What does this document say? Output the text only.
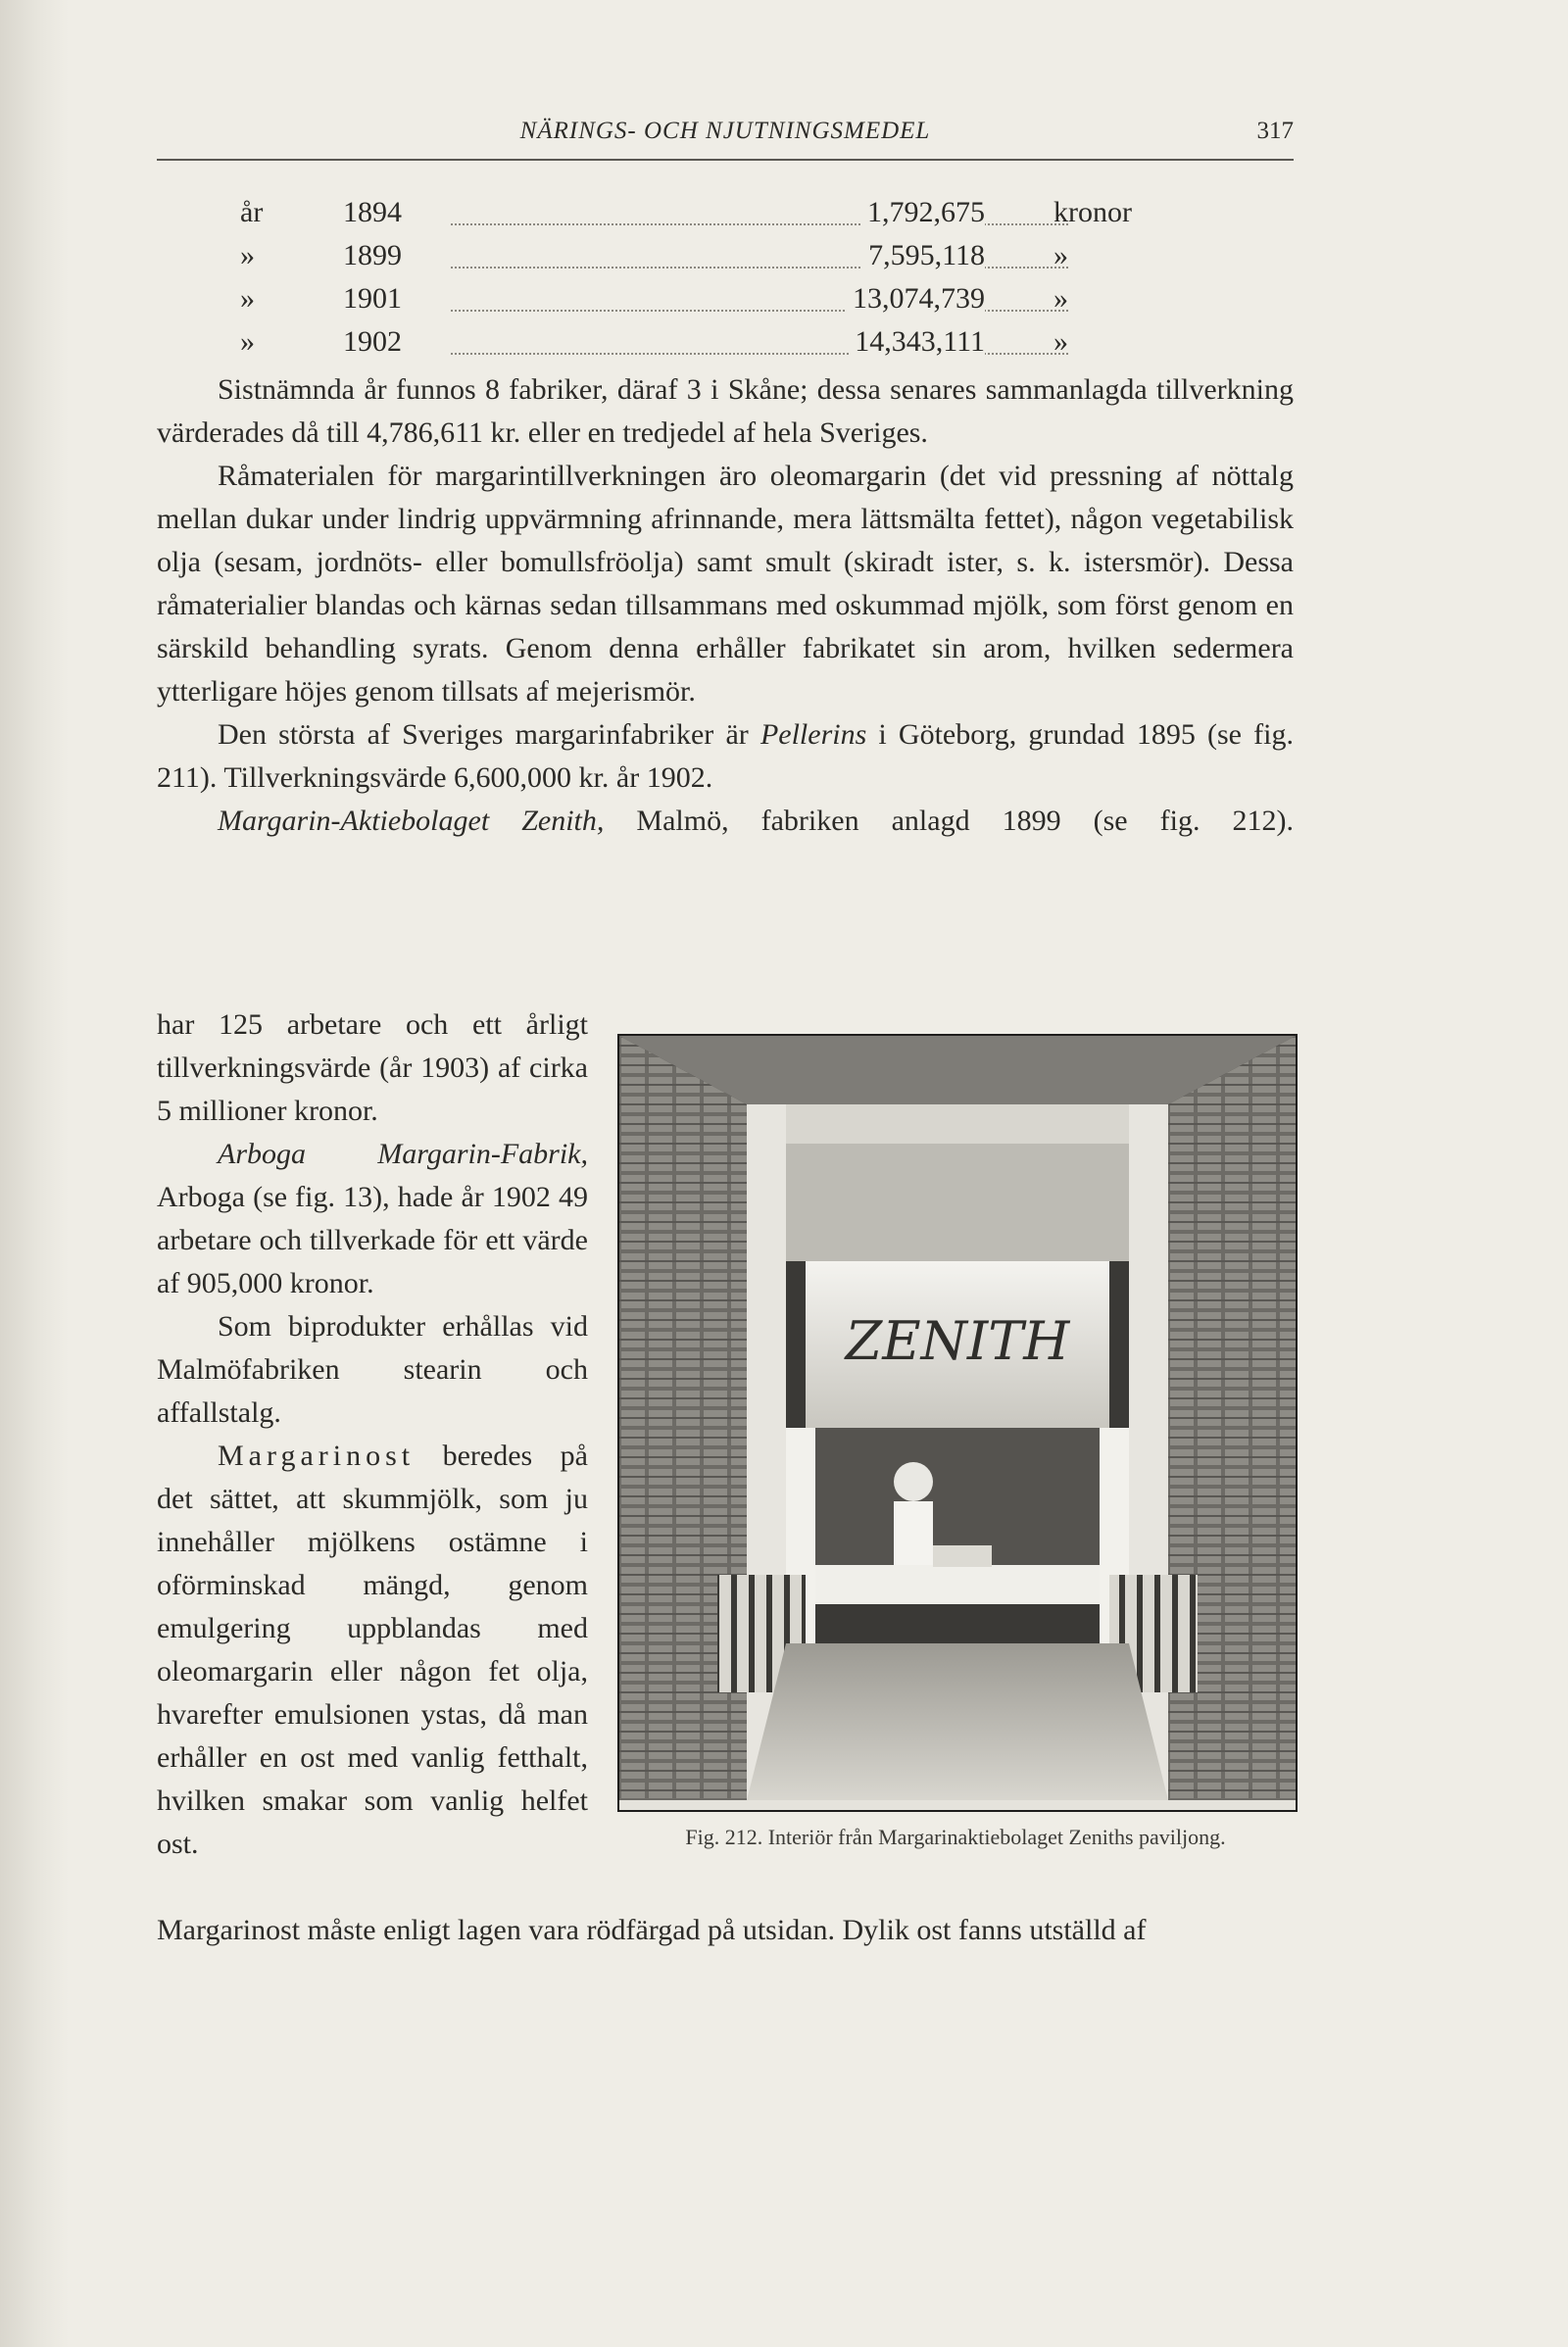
NÄRINGS- OCH NJUTNINGSMEDEL	317
år	1894	1,792,675 kronor
»	1899	7,595,118 »
»	1901	13,074,739 »
»	1902	14,343,111 »

Sistnämnda år funnos 8 fabriker, däraf 3 i Skåne; dessa senares sammanlagda tillverkning värderades då till 4,786,611 kr. eller en tredjedel af hela Sveriges.

Råmaterialen för margarintillverkningen äro oleomargarin (det vid pressning af nöttalg mellan dukar under lindrig uppvärmning afrinnande, mera lättsmälta fettet), någon vegetabilisk olja (sesam, jordnöts- eller bomullsfröolja) samt smult (skiradt ister, s. k. istersmör). Dessa råmaterialier blandas och kärnas sedan tillsammans med oskummad mjölk, som först genom en särskild behandling syrats. Genom denna erhåller fabrikatet sin arom, hvilken sedermera ytterligare höjes genom tillsats af mejerismör.

Den största af Sveriges margarinfabriker är Pellerins i Göteborg, grundad 1895 (se fig. 211). Tillverkningsvärde 6,600,000 kr. år 1902.

Margarin-Aktiebolaget Zenith, Malmö, fabriken anlagd 1899 (se fig. 212).

har 125 arbetare och ett årligt tillverkningsvärde (år 1903) af cirka 5 millioner kronor.

Arboga Margarin-Fabrik, Arboga (se fig. 13), hade år 1902 49 arbetare och tillverkade för ett värde af 905,000 kronor.

Som biprodukter erhållas vid Malmöfabriken stearin och affallstalg.

Margarinost beredes på det sättet, att skummjölk, som ju innehåller mjölkens ostämne i oförminskad mängd, genom emulgering uppblandas med oleomargarin eller någon fet olja, hvarefter emulsionen ystas, då man erhåller en ost med vanlig fetthalt, hvilken smakar som vanlig helfet ost.

Margarinost måste enligt lagen vara rödfärgad på utsidan. Dylik ost fanns utställd af

ZENITH
Fig. 212. Interiör från Margarinaktiebolaget Zeniths paviljong.
